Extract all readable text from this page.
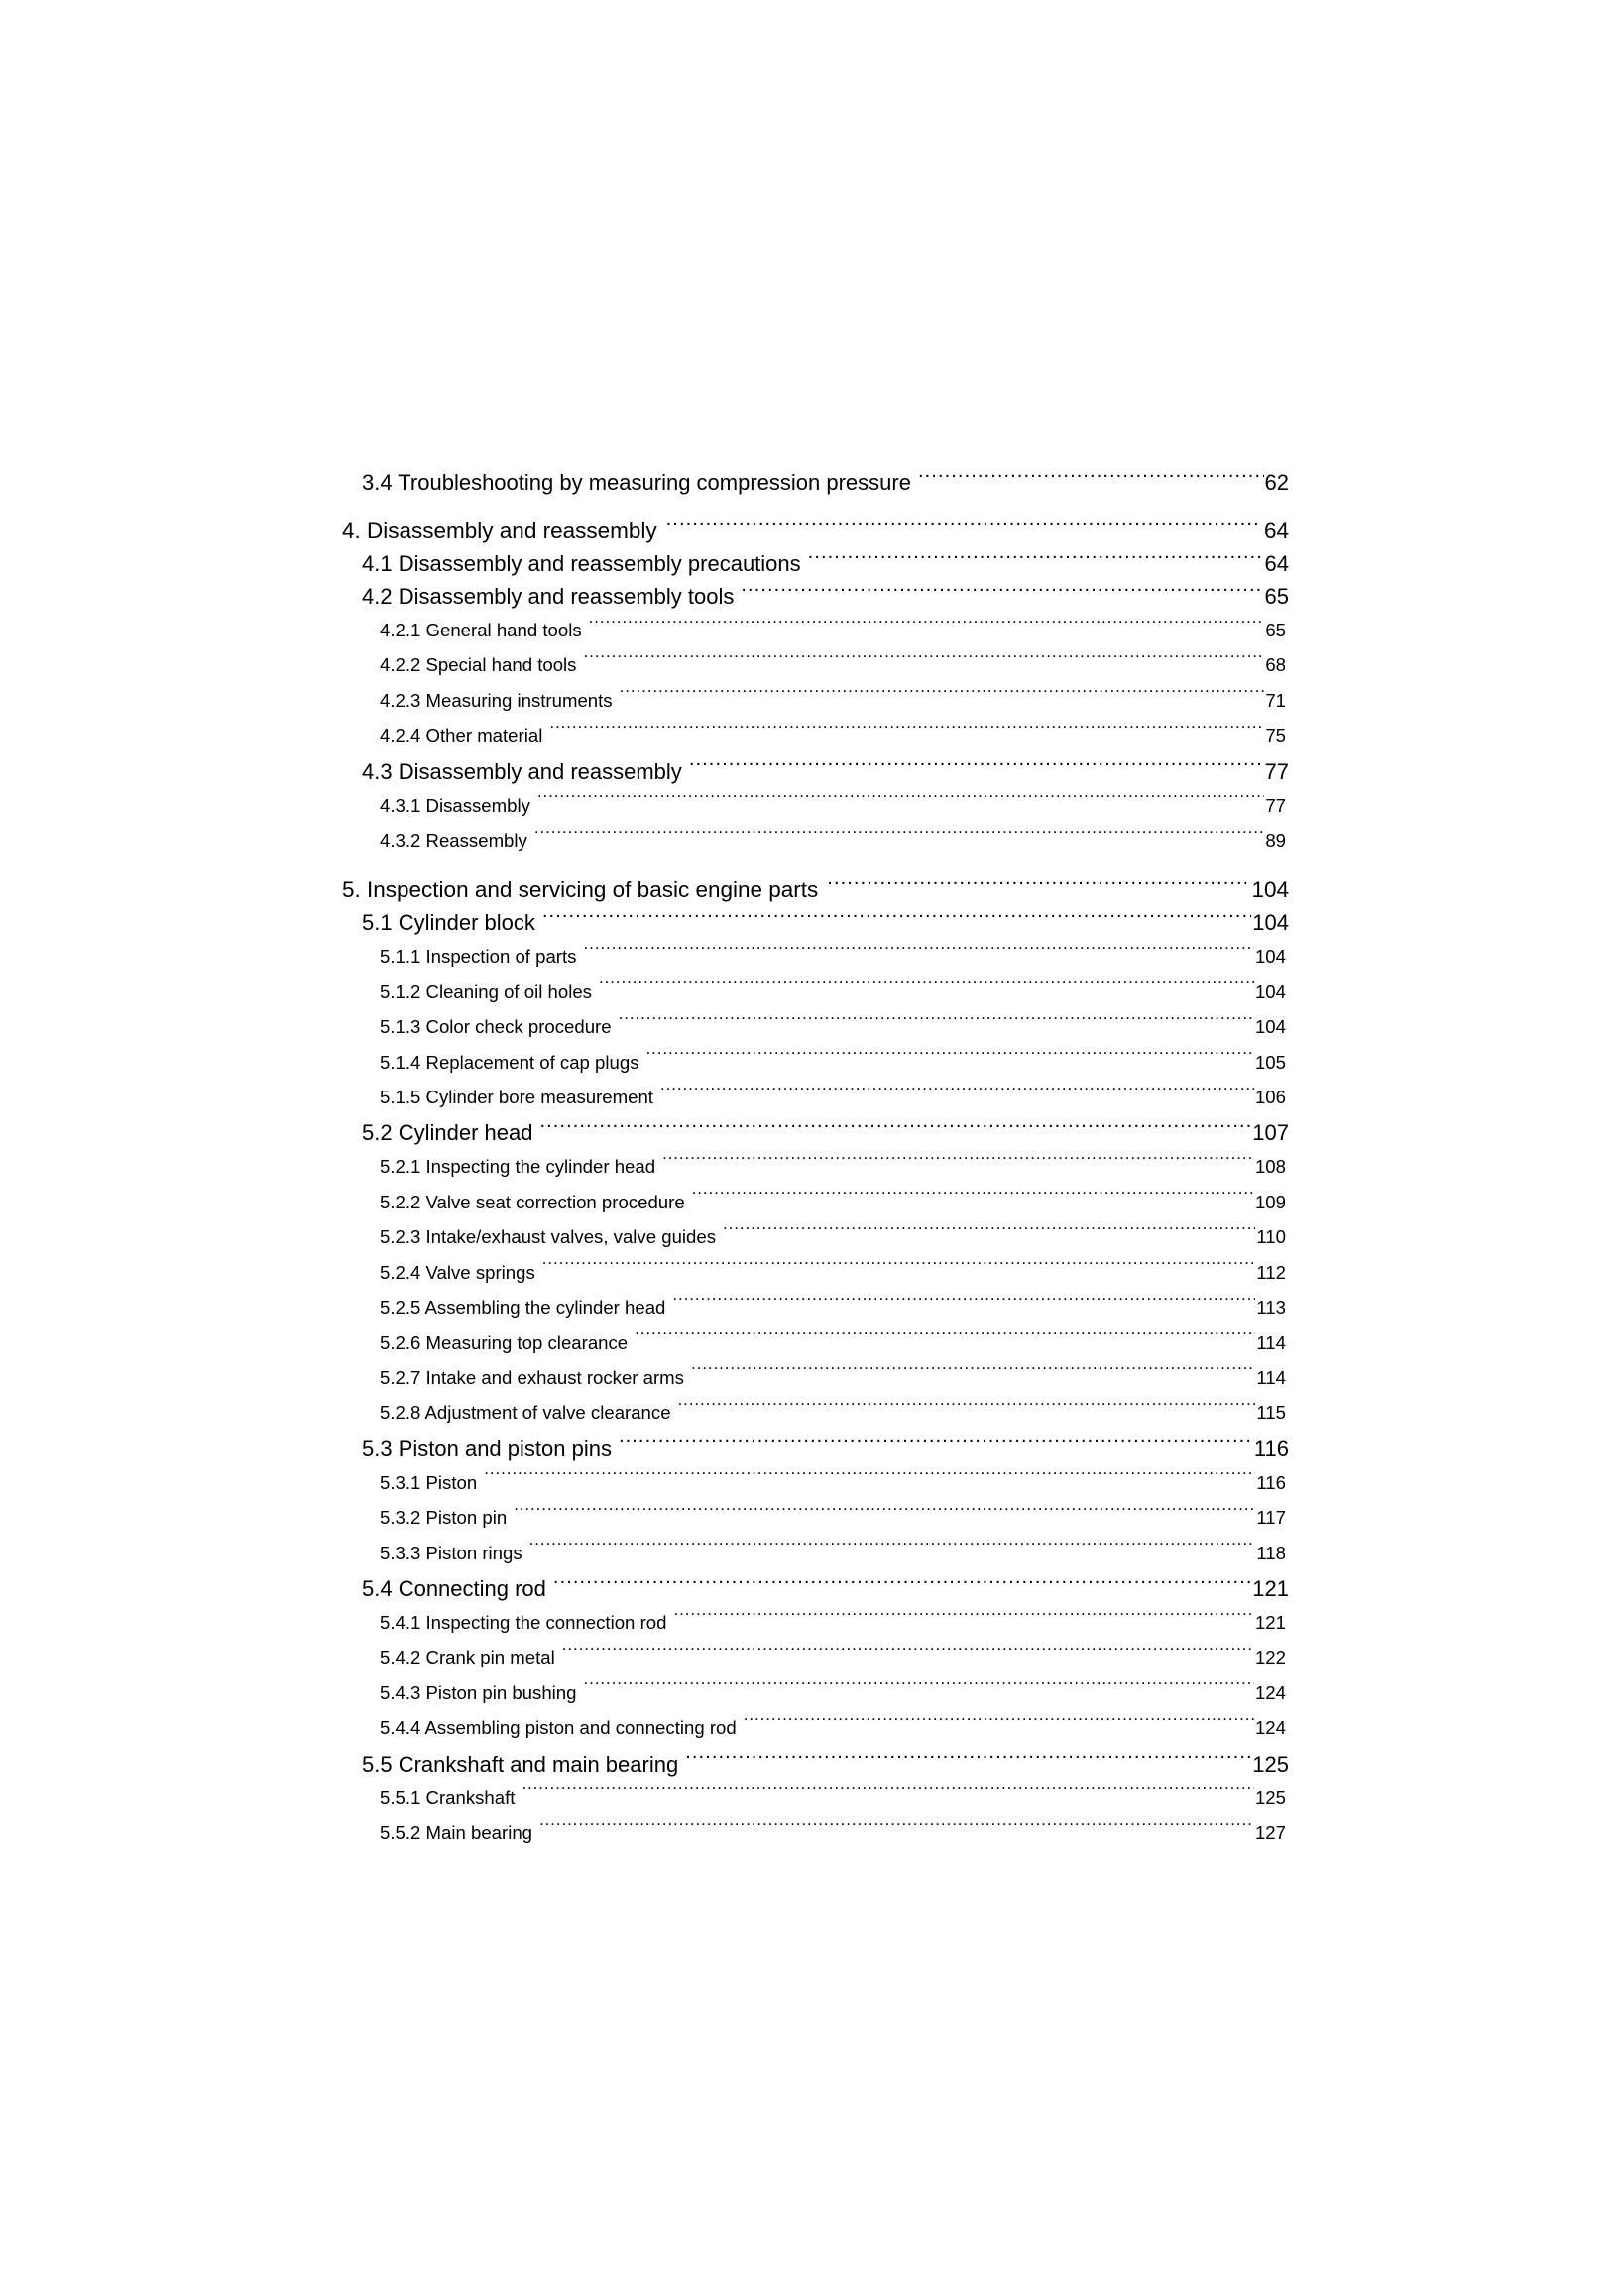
3.4 Troubleshooting by measuring compression pressure .....	62
4. Disassembly and reassembly .....	64
4.1 Disassembly and reassembly precautions .....	64
4.2 Disassembly and reassembly tools .....	65
4.2.1 General hand tools .....	65
4.2.2 Special hand tools .....	68
4.2.3 Measuring instruments .....	71
4.2.4 Other material .....	75
4.3 Disassembly and reassembly .....	77
4.3.1 Disassembly .....	77
4.3.2 Reassembly .....	89
5. Inspection and servicing of basic engine parts .....	104
5.1 Cylinder block .....	104
5.1.1 Inspection of parts .....	104
5.1.2 Cleaning of oil holes .....	104
5.1.3 Color check procedure .....	104
5.1.4 Replacement of cap plugs .....	105
5.1.5 Cylinder bore measurement .....	106
5.2 Cylinder head .....	107
5.2.1 Inspecting the cylinder head .....	108
5.2.2 Valve seat correction procedure .....	109
5.2.3 Intake/exhaust valves, valve guides .....	110
5.2.4 Valve springs .....	112
5.2.5 Assembling the cylinder head .....	113
5.2.6 Measuring top clearance .....	114
5.2.7 Intake and exhaust rocker arms .....	114
5.2.8 Adjustment of valve clearance .....	115
5.3 Piston and piston pins .....	116
5.3.1 Piston .....	116
5.3.2 Piston pin .....	117
5.3.3 Piston rings .....	118
5.4 Connecting rod .....	121
5.4.1 Inspecting the connection rod .....	121
5.4.2 Crank pin metal .....	122
5.4.3 Piston pin bushing .....	124
5.4.4 Assembling piston and connecting rod .....	124
5.5 Crankshaft and main bearing .....	125
5.5.1 Crankshaft .....	125
5.5.2 Main bearing .....	127
